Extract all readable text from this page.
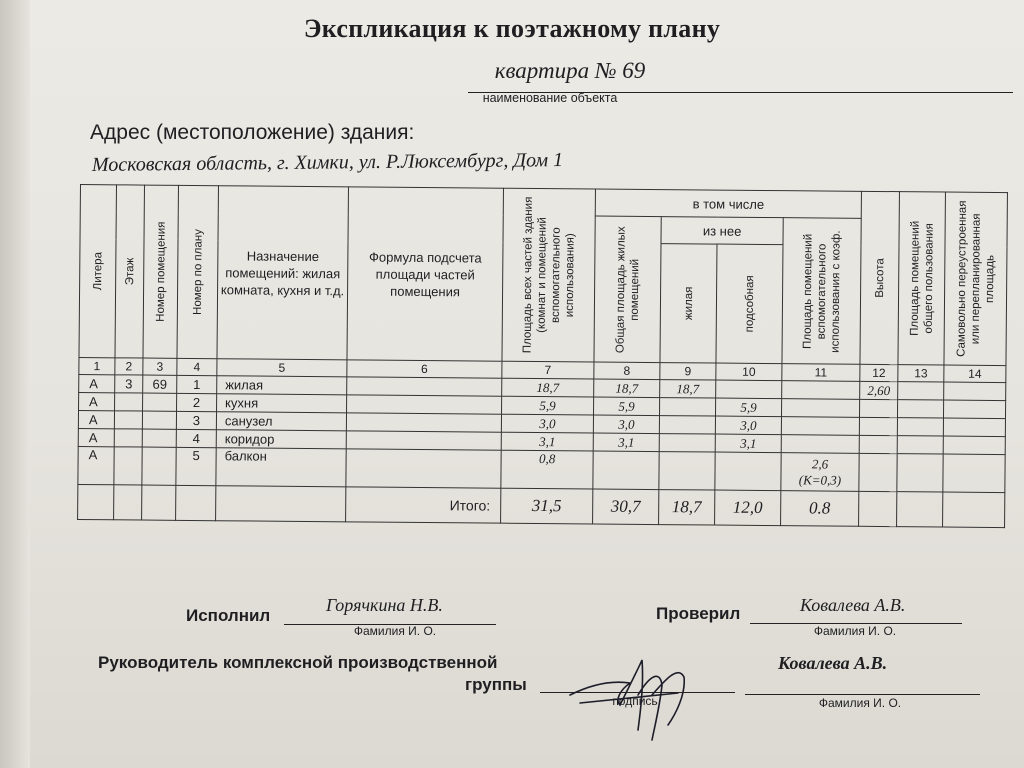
Экспликация к поэтажному плану
квартира № 69
наименование объекта
Адрес (местоположение) здания:
Московская область, г. Химки, ул. Р.Люксембург, Дом 1
Литера	Этаж	Номер помещения	Номер по плану	Назначение помещений: жилая комната, кухня и т.д.	Формула подсчета площади частей помещения	Площадь всех частей здания (комнат и помещений вспомогательного использования)	в том числе				Высота	Площадь помещений общего пользования	Самовольно переустроенная или перепланированная площадь

							Общая площадь жилых помещений	из нее		Площадь помещений вспомогательного использования с коэф.			

								жилая	подсобная				

1	2	3	4	5	6	7	8	9	10	11	12	13	14
А	3	69	1	жилая		18,7	18,7	18,7			2,60		
А			2	кухня		5,9	5,9		5,9				
А			3	санузел		3,0	3,0		3,0				
А			4	коридор		3,1	3,1		3,1				
А			5	балкон		0,8				2,6
(К=0,3)			

					Итого:	31,5	30,7	18,7	12,0	0.8			
Исполнил
Горячкина Н.В.
Фамилия И. О.
Проверил	Ковалева А.В.
Фамилия И. О.
Руководитель комплексной производственной
группы
подпись
Ковалева А.В.
Фамилия И. О.
